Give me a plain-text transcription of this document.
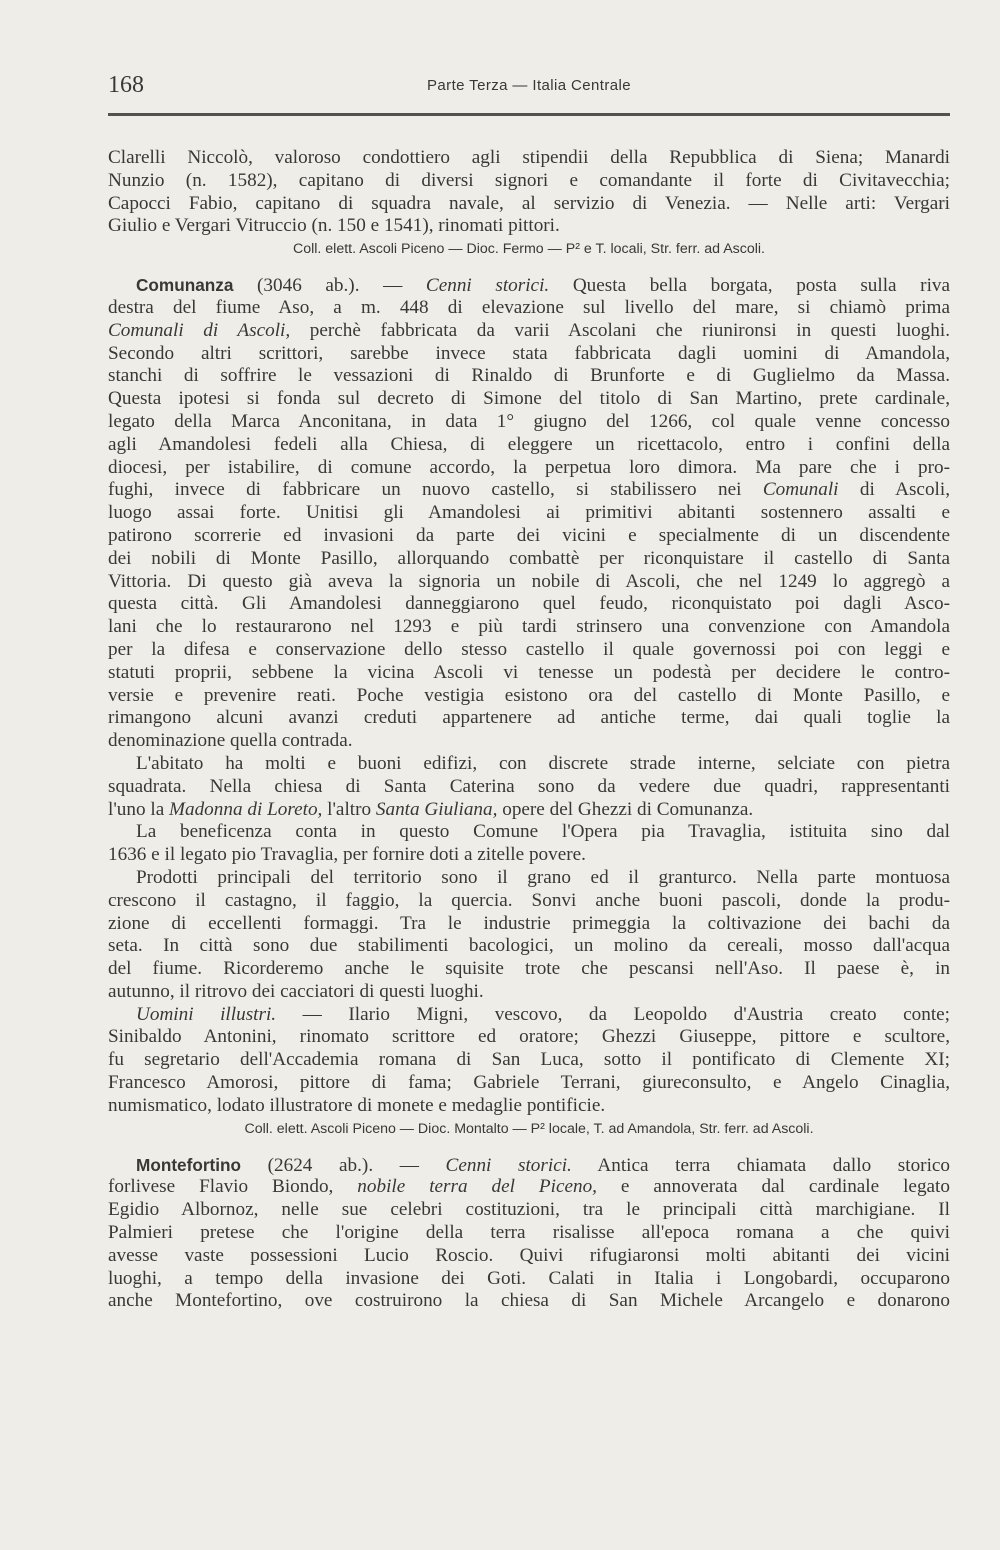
168	Parte Terza — Italia Centrale
Clarelli Niccolò, valoroso condottiero agli stipendii della Repubblica di Siena; Manardi
Nunzio (n. 1582), capitano di diversi signori e comandante il forte di Civitavecchia;
Capocci Fabio, capitano di squadra navale, al servizio di Venezia. — Nelle arti: Vergari
Giulio e Vergari Vitruccio (n. 150 e 1541), rinomati pittori.
Coll. elett. Ascoli Piceno — Dioc. Fermo — P² e T. locali, Str. ferr. ad Ascoli.
Comunanza (3046 ab.). — Cenni storici. Questa bella borgata, posta sulla riva
destra del fiume Aso, a m. 448 di elevazione sul livello del mare, si chiamò prima
Comunali di Ascoli, perchè fabbricata da varii Ascolani che riunironsi in questi luoghi.
Secondo altri scrittori, sarebbe invece stata fabbricata dagli uomini di Amandola,
stanchi di soffrire le vessazioni di Rinaldo di Brunforte e di Guglielmo da Massa.
Questa ipotesi si fonda sul decreto di Simone del titolo di San Martino, prete cardinale,
legato della Marca Anconitana, in data 1° giugno del 1266, col quale venne concesso
agli Amandolesi fedeli alla Chiesa, di eleggere un ricettacolo, entro i confini della
diocesi, per istabilire, di comune accordo, la perpetua loro dimora. Ma pare che i pro-
fughi, invece di fabbricare un nuovo castello, si stabilissero nei Comunali di Ascoli,
luogo assai forte. Unitisi gli Amandolesi ai primitivi abitanti sostennero assalti e
patirono scorrerie ed invasioni da parte dei vicini e specialmente di un discendente
dei nobili di Monte Pasillo, allorquando combattè per riconquistare il castello di Santa
Vittoria. Di questo già aveva la signoria un nobile di Ascoli, che nel 1249 lo aggregò a
questa città. Gli Amandolesi danneggiarono quel feudo, riconquistato poi dagli Asco-
lani che lo restaurarono nel 1293 e più tardi strinsero una convenzione con Amandola
per la difesa e conservazione dello stesso castello il quale governossi poi con leggi e
statuti proprii, sebbene la vicina Ascoli vi tenesse un podestà per decidere le contro-
versie e prevenire reati. Poche vestigia esistono ora del castello di Monte Pasillo, e
rimangono alcuni avanzi creduti appartenere ad antiche terme, dai quali toglie la
denominazione quella contrada.
L'abitato ha molti e buoni edifizi, con discrete strade interne, selciate con pietra
squadrata. Nella chiesa di Santa Caterina sono da vedere due quadri, rappresentanti
l'uno la Madonna di Loreto, l'altro Santa Giuliana, opere del Ghezzi di Comunanza.
La beneficenza conta in questo Comune l'Opera pia Travaglia, istituita sino dal
1636 e il legato pio Travaglia, per fornire doti a zitelle povere.
Prodotti principali del territorio sono il grano ed il granturco. Nella parte montuosa
crescono il castagno, il faggio, la quercia. Sonvi anche buoni pascoli, donde la produ-
zione di eccellenti formaggi. Tra le industrie primeggia la coltivazione dei bachi da
seta. In città sono due stabilimenti bacologici, un molino da cereali, mosso dall'acqua
del fiume. Ricorderemo anche le squisite trote che pescansi nell'Aso. Il paese è, in
autunno, il ritrovo dei cacciatori di questi luoghi.
Uomini illustri. — Ilario Migni, vescovo, da Leopoldo d'Austria creato conte;
Sinibaldo Antonini, rinomato scrittore ed oratore; Ghezzi Giuseppe, pittore e scultore,
fu segretario dell'Accademia romana di San Luca, sotto il pontificato di Clemente XI;
Francesco Amorosi, pittore di fama; Gabriele Terrani, giureconsulto, e Angelo Cinaglia,
numismatico, lodato illustratore di monete e medaglie pontificie.
Coll. elett. Ascoli Piceno — Dioc. Montalto — P² locale, T. ad Amandola, Str. ferr. ad Ascoli.
Montefortino (2624 ab.). — Cenni storici. Antica terra chiamata dallo storico
forlivese Flavio Biondo, nobile terra del Piceno, e annoverata dal cardinale legato
Egidio Albornoz, nelle sue celebri costituzioni, tra le principali città marchigiane. Il
Palmieri pretese che l'origine della terra risalisse all'epoca romana a che quivi
avesse vaste possessioni Lucio Roscio. Quivi rifugiaronsi molti abitanti dei vicini
luoghi, a tempo della invasione dei Goti. Calati in Italia i Longobardi, occuparono
anche Montefortino, ove costruirono la chiesa di San Michele Arcangelo e donarono
